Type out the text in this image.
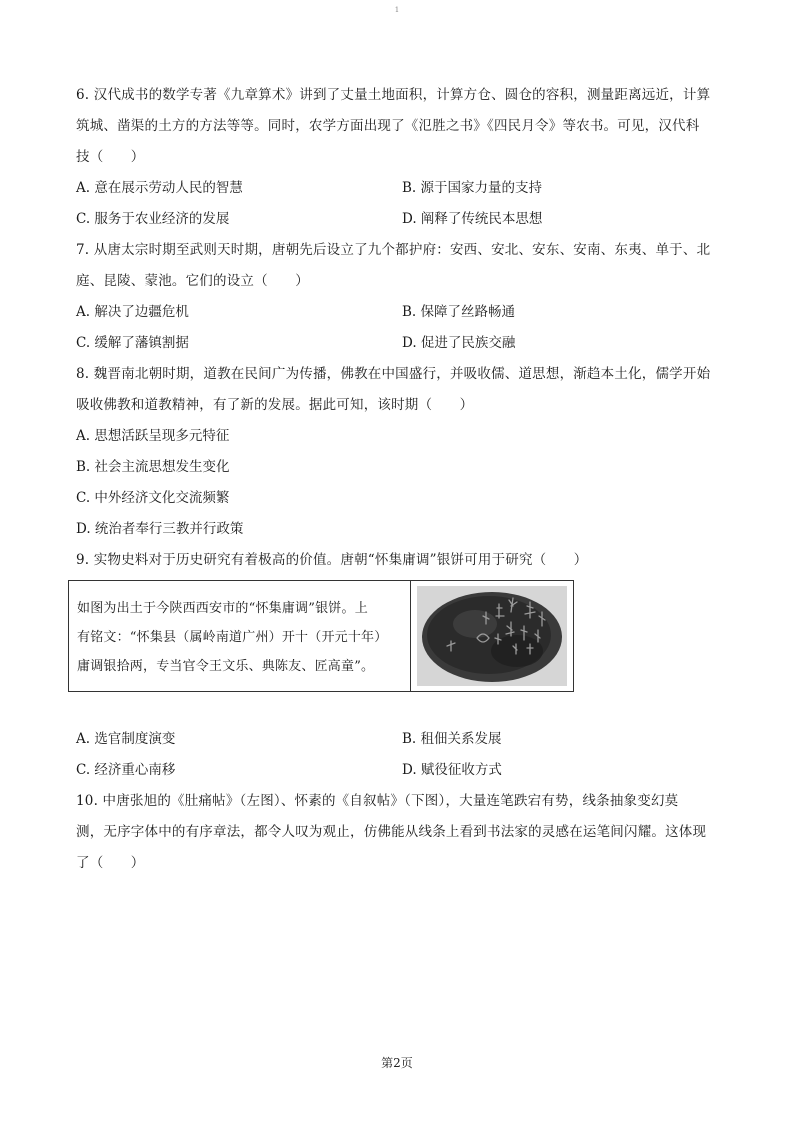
1
6. 汉代成书的数学专著《九章算术》讲到了丈量土地面积，计算方仓、圆仓的容积，测量距离远近，计算
筑城、凿渠的土方的方法等等。同时，农学方面出现了《氾胜之书》《四民月令》等农书。可见，汉代科
技（　　）
A. 意在展示劳动人民的智慧	B. 源于国家力量的支持
C. 服务于农业经济的发展	D. 阐释了传统民本思想
7. 从唐太宗时期至武则天时期，唐朝先后设立了九个都护府：安西、安北、安东、安南、东夷、单于、北
庭、昆陵、蒙池。它们的设立（　　）
A. 解决了边疆危机	B. 保障了丝路畅通
C. 缓解了藩镇割据	D. 促进了民族交融
8. 魏晋南北朝时期，道教在民间广为传播，佛教在中国盛行，并吸收儒、道思想，渐趋本土化，儒学开始
吸收佛教和道教精神，有了新的发展。据此可知，该时期（　　）
A. 思想活跃呈现多元特征
B. 社会主流思想发生变化
C. 中外经济文化交流频繁
D. 统治者奉行三教并行政策
9. 实物史料对于历史研究有着极高的价值。唐朝“怀集庸调”银饼可用于研究（　　）
如图为出土于今陕西西安市的“怀集庸调”银饼。上
有铭文：“怀集县（属岭南道广州）开十（开元十年）
庸调银拾两，专当官令王文乐、典陈友、匠高童”。
A. 选官制度演变	B. 租佃关系发展
C. 经济重心南移	D. 赋役征收方式
10. 中唐张旭的《肚痛帖》（左图）、怀素的《自叙帖》（下图），大量连笔跌宕有势，线条抽象变幻莫
测，无序字体中的有序章法，都令人叹为观止，仿佛能从线条上看到书法家的灵感在运笔间闪耀。这体现
了（　　）
第2页
